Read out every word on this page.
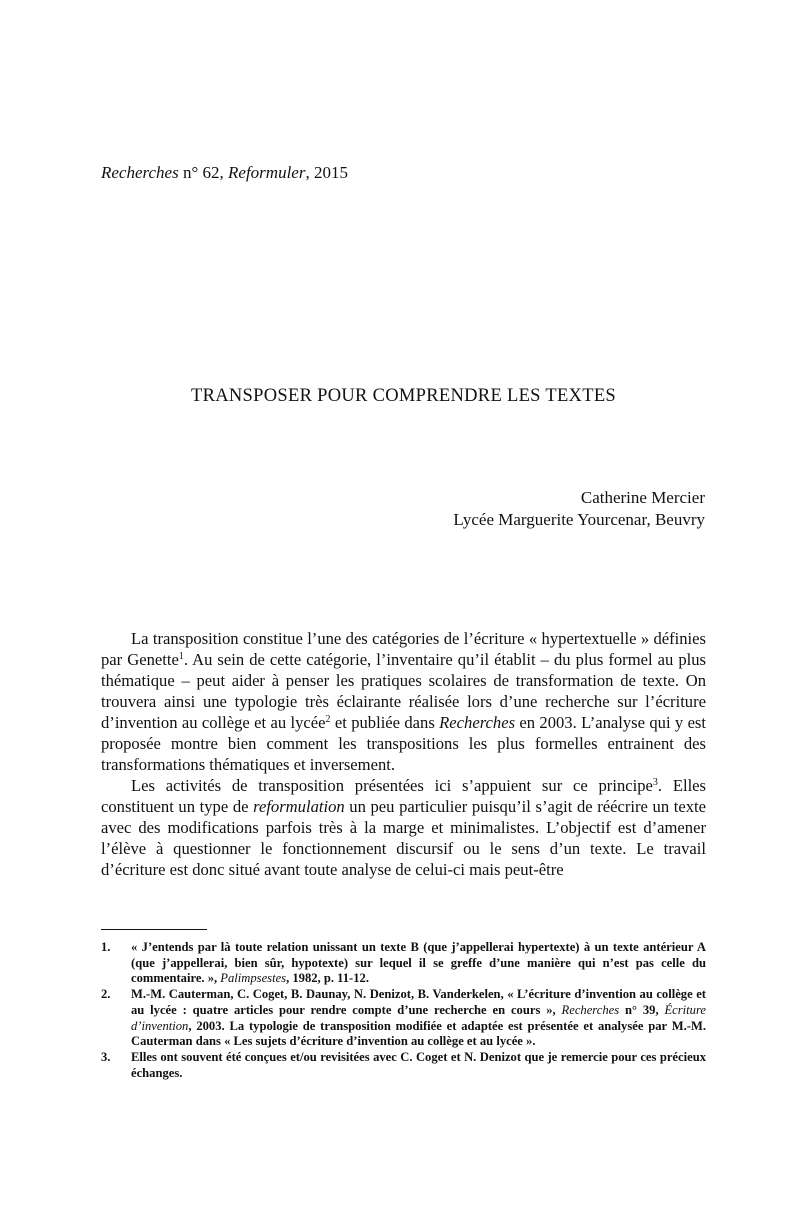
Recherches n° 62, Reformuler, 2015
TRANSPOSER POUR COMPRENDRE LES TEXTES
Catherine Mercier
Lycée Marguerite Yourcenar, Beuvry

La transposition constitue l’une des catégories de l’écriture « hypertextuelle » définies par Genette$^1$. Au sein de cette catégorie, l’inventaire qu’il établit – du plus formel au plus thématique – peut aider à penser les pratiques scolaires de transformation de texte. On trouvera ainsi une typologie très éclairante réalisée lors d’une recherche sur l’écriture d’invention au collège et au lycée$^2$ et publiée dans Recherches en 2003. L’analyse qui y est proposée montre bien comment les transpositions les plus formelles entrainent des transformations thématiques et inversement.

Les activités de transposition présentées ici s’appuient sur ce principe$^3$. Elles constituent un type de reformulation un peu particulier puisqu’il s’agit de réécrire un texte avec des modifications parfois très à la marge et minimalistes. L’objectif est d’amener l’élève à questionner le fonctionnement discursif ou le sens d’un texte. Le travail d’écriture est donc situé avant toute analyse de celui-ci mais peut-être

1. « J’entends par là toute relation unissant un texte B (que j’appellerai hypertexte) à un texte antérieur A (que j’appellerai, bien sûr, hypotexte) sur lequel il se greffe d’une manière qui n’est pas celle du commentaire. », Palimpsestes, 1982, p. 11-12.
2. M.-M. Cauterman, C. Coget, B. Daunay, N. Denizot, B. Vanderkelen, « L’écriture d’invention au collège et au lycée : quatre articles pour rendre compte d’une recherche en cours », Recherches n° 39, Écriture d’invention, 2003. La typologie de transposition modifiée et adaptée est présentée et analysée par M.-M. Cauterman dans « Les sujets d’écriture d’invention au collège et au lycée ».
3. Elles ont souvent été conçues et/ou revisitées avec C. Coget et N. Denizot que je remercie pour ces précieux échanges.
